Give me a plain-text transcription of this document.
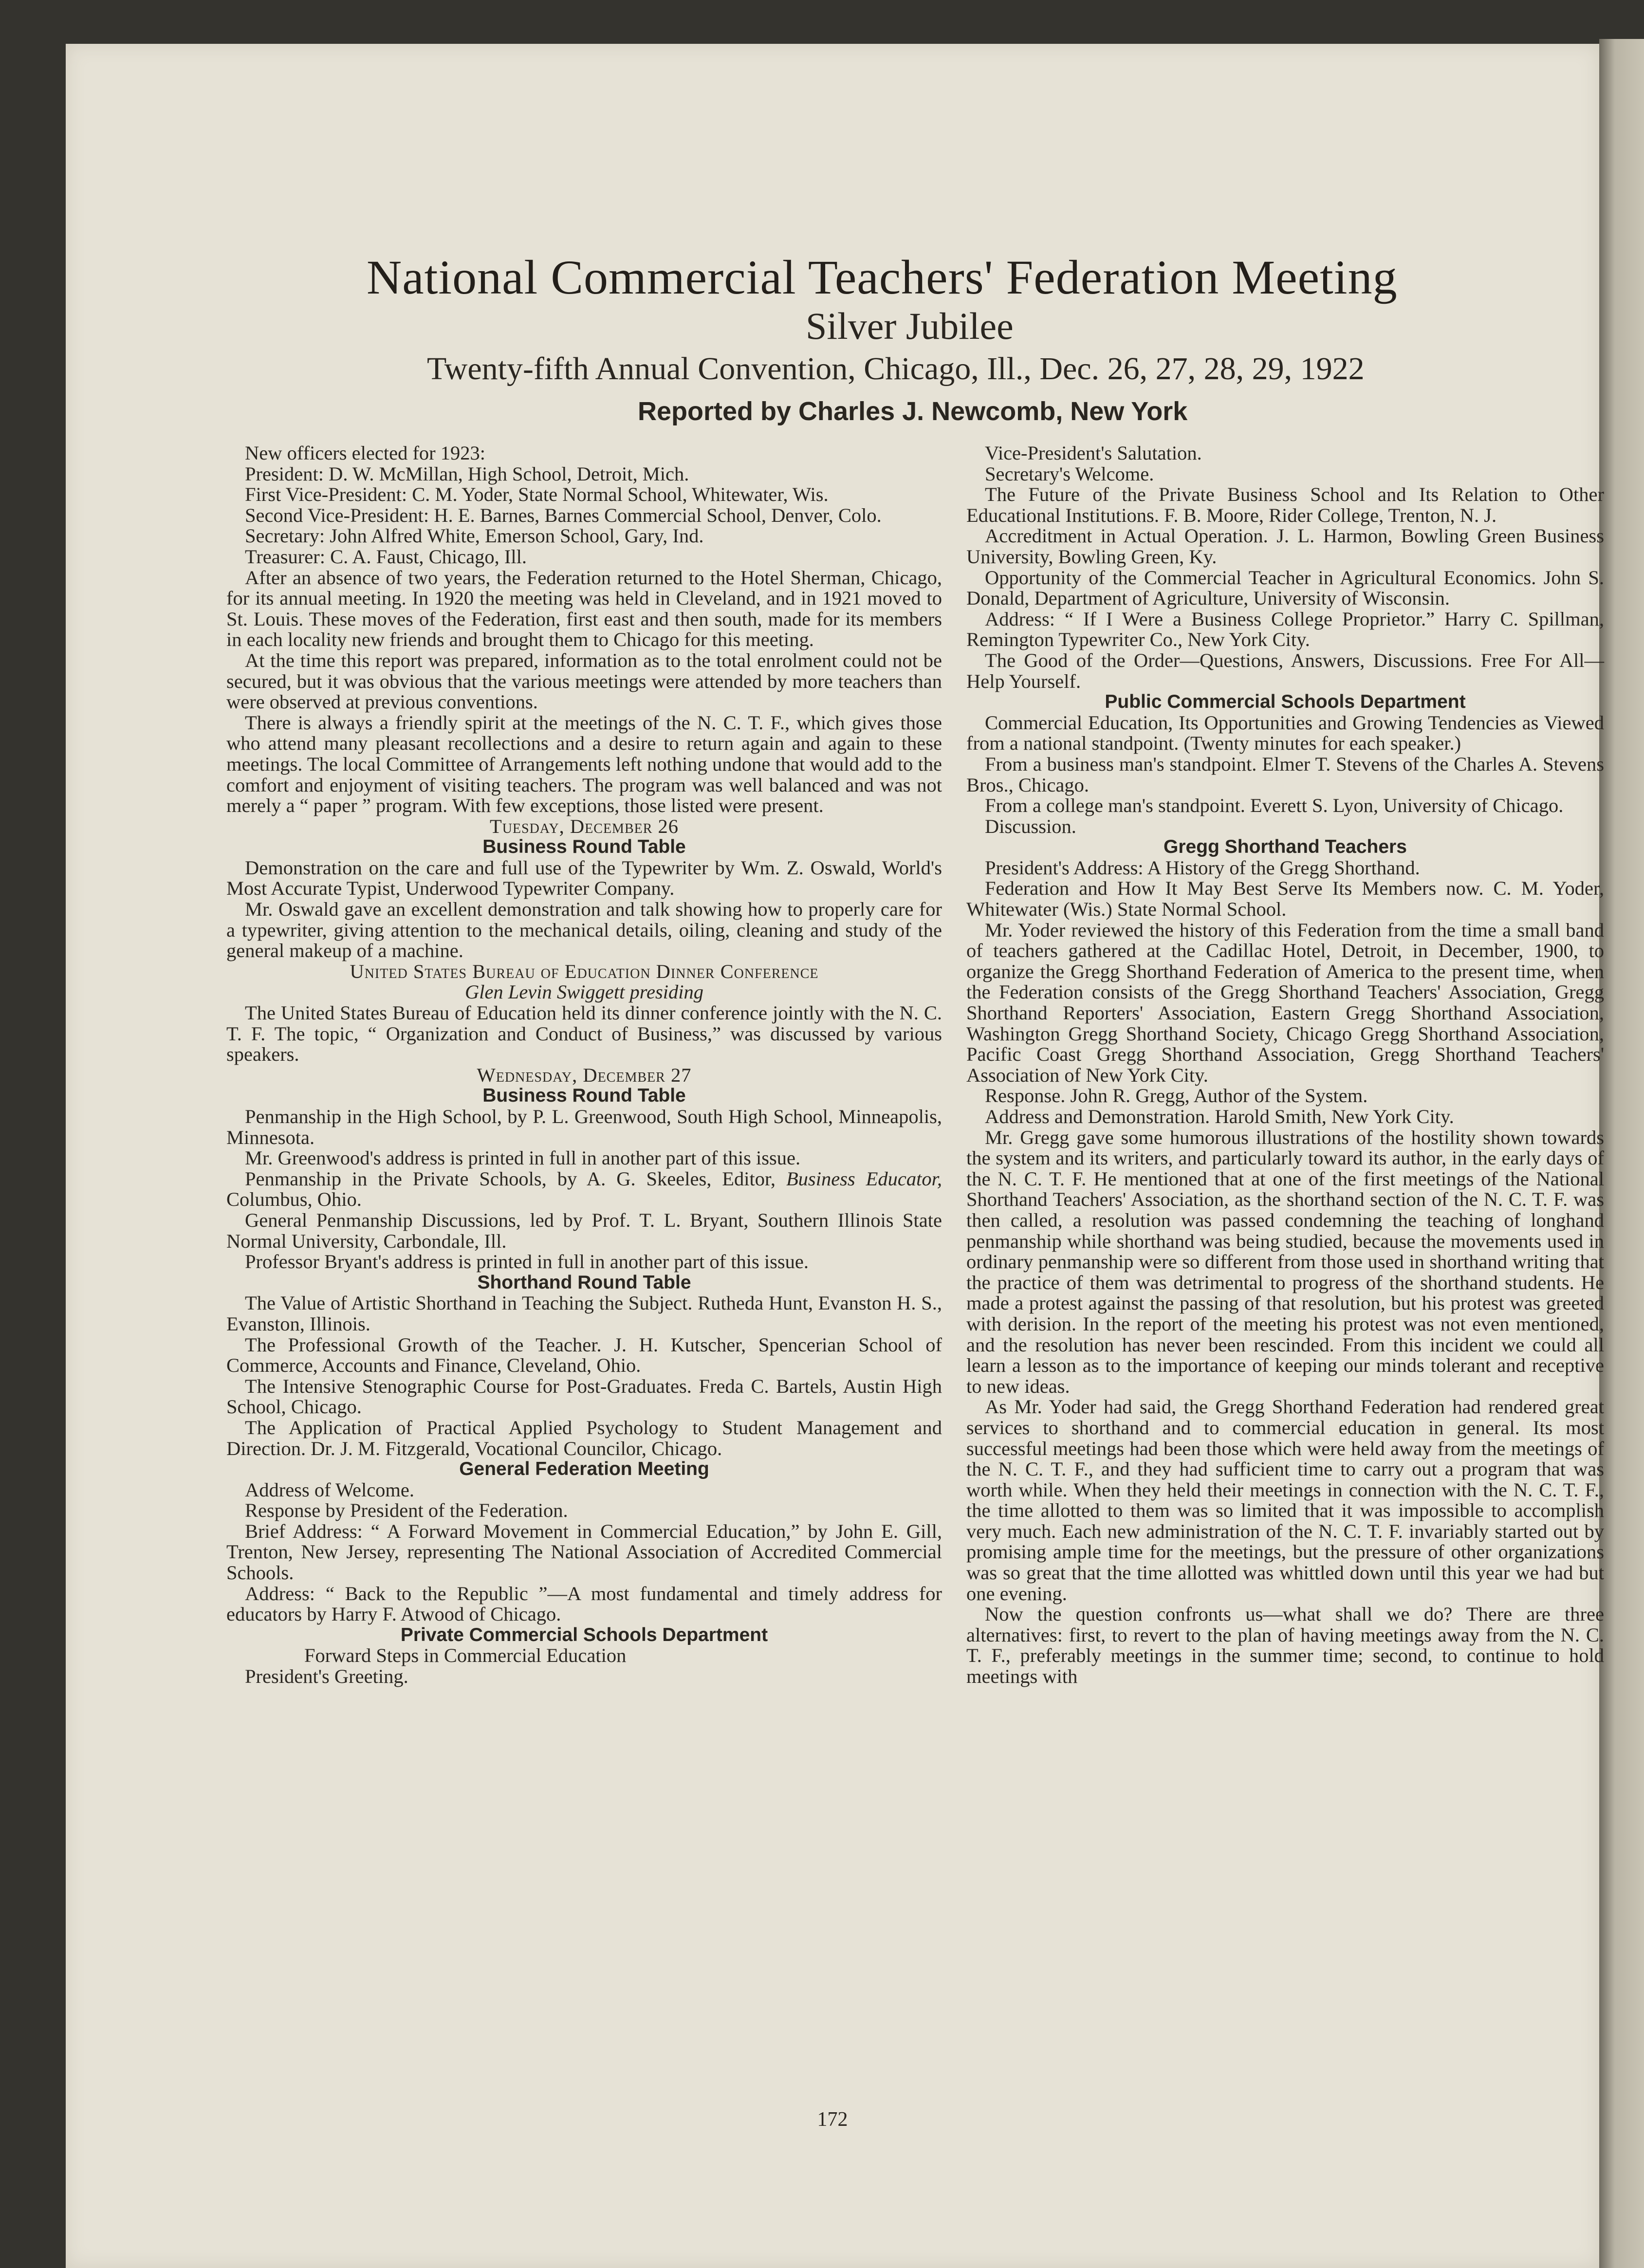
National Commercial Teachers' Federation Meeting
Silver Jubilee
Twenty-fifth Annual Convention, Chicago, Ill., Dec. 26, 27, 28, 29, 1922
Reported by Charles J. Newcomb, New York

New officers elected for 1923:

President: D. W. McMillan, High School, Detroit, Mich.

First Vice-President: C. M. Yoder, State Normal School, Whitewater, Wis.

Second Vice-President: H. E. Barnes, Barnes Commercial School, Denver, Colo.

Secretary: John Alfred White, Emerson School, Gary, Ind.

Treasurer: C. A. Faust, Chicago, Ill.

After an absence of two years, the Federation returned to the Hotel Sherman, Chicago, for its annual meeting. In 1920 the meeting was held in Cleveland, and in 1921 moved to St. Louis. These moves of the Federation, first east and then south, made for its members in each locality new friends and brought them to Chicago for this meeting.

At the time this report was prepared, information as to the total enrolment could not be secured, but it was obvious that the various meetings were attended by more teachers than were observed at previous conventions.

There is always a friendly spirit at the meetings of the N. C. T. F., which gives those who attend many pleasant recollections and a desire to return again and again to these meetings. The local Committee of Arrangements left nothing undone that would add to the comfort and enjoyment of visiting teachers. The program was well balanced and was not merely a “ paper ” program. With few exceptions, those listed were present.

Tuesday, December 26

Business Round Table

Demonstration on the care and full use of the Typewriter by Wm. Z. Oswald, World's Most Accurate Typist, Underwood Typewriter Company.

Mr. Oswald gave an excellent demonstration and talk showing how to properly care for a typewriter, giving attention to the mechanical details, oiling, cleaning and study of the general makeup of a machine.

United States Bureau of Education Dinner Conference

Glen Levin Swiggett presiding

The United States Bureau of Education held its dinner conference jointly with the N. C. T. F. The topic, “ Organization and Conduct of Business,” was discussed by various speakers.

Wednesday, December 27

Business Round Table

Penmanship in the High School, by P. L. Greenwood, South High School, Minneapolis, Minnesota.

Mr. Greenwood's address is printed in full in another part of this issue.

Penmanship in the Private Schools, by A. G. Skeeles, Editor, Business Educator, Columbus, Ohio.

General Penmanship Discussions, led by Prof. T. L. Bryant, Southern Illinois State Normal University, Carbondale, Ill.

Professor Bryant's address is printed in full in another part of this issue.

Shorthand Round Table

The Value of Artistic Shorthand in Teaching the Subject. Rutheda Hunt, Evanston H. S., Evanston, Illinois.

The Professional Growth of the Teacher. J. H. Kutscher, Spencerian School of Commerce, Accounts and Finance, Cleveland, Ohio.

The Intensive Stenographic Course for Post-Graduates. Freda C. Bartels, Austin High School, Chicago.

The Application of Practical Applied Psychology to Student Management and Direction. Dr. J. M. Fitzgerald, Vocational Councilor, Chicago.

General Federation Meeting

Address of Welcome.

Response by President of the Federation.

Brief Address: “ A Forward Movement in Commercial Education,” by John E. Gill, Trenton, New Jersey, representing The National Association of Accredited Commercial Schools.

Address: “ Back to the Republic ”—A most fundamental and timely address for educators by Harry F. Atwood of Chicago.

Private Commercial Schools Department

Forward Steps in Commercial Education

President's Greeting.

Vice-President's Salutation.

Secretary's Welcome.

The Future of the Private Business School and Its Relation to Other Educational Institutions. F. B. Moore, Rider College, Trenton, N. J.

Accreditment in Actual Operation. J. L. Harmon, Bowling Green Business University, Bowling Green, Ky.

Opportunity of the Commercial Teacher in Agricultural Economics. John S. Donald, Department of Agriculture, University of Wisconsin.

Address: “ If I Were a Business College Proprietor.” Harry C. Spillman, Remington Typewriter Co., New York City.

The Good of the Order—Questions, Answers, Discussions. Free For All—Help Yourself.

Public Commercial Schools Department

Commercial Education, Its Opportunities and Growing Tendencies as Viewed from a national standpoint. (Twenty minutes for each speaker.)

From a business man's standpoint. Elmer T. Stevens of the Charles A. Stevens Bros., Chicago.

From a college man's standpoint. Everett S. Lyon, University of Chicago.

Discussion.

Gregg Shorthand Teachers

President's Address: A History of the Gregg Shorthand.

Federation and How It May Best Serve Its Members now. C. M. Yoder, Whitewater (Wis.) State Normal School.

Mr. Yoder reviewed the history of this Federation from the time a small band of teachers gathered at the Cadillac Hotel, Detroit, in December, 1900, to organize the Gregg Shorthand Federation of America to the present time, when the Federation consists of the Gregg Shorthand Teachers' Association, Gregg Shorthand Reporters' Association, Eastern Gregg Shorthand Association, Washington Gregg Shorthand Society, Chicago Gregg Shorthand Association, Pacific Coast Gregg Shorthand Association, Gregg Shorthand Teachers' Association of New York City.

Response. John R. Gregg, Author of the System.

Address and Demonstration. Harold Smith, New York City.

Mr. Gregg gave some humorous illustrations of the hostility shown towards the system and its writers, and particularly toward its author, in the early days of the N. C. T. F. He mentioned that at one of the first meetings of the National Shorthand Teachers' Association, as the shorthand section of the N. C. T. F. was then called, a resolution was passed condemning the teaching of longhand penmanship while shorthand was being studied, because the movements used in ordinary penmanship were so different from those used in shorthand writing that the practice of them was detrimental to progress of the shorthand students. He made a protest against the passing of that resolution, but his protest was greeted with derision. In the report of the meeting his protest was not even mentioned, and the resolution has never been rescinded. From this incident we could all learn a lesson as to the importance of keeping our minds tolerant and receptive to new ideas.

As Mr. Yoder had said, the Gregg Shorthand Federation had rendered great services to shorthand and to commercial education in general. Its most successful meetings had been those which were held away from the meetings of the N. C. T. F., and they had sufficient time to carry out a program that was worth while. When they held their meetings in connection with the N. C. T. F., the time allotted to them was so limited that it was impossible to accomplish very much. Each new administration of the N. C. T. F. invariably started out by promising ample time for the meetings, but the pressure of other organizations was so great that the time allotted was whittled down until this year we had but one evening.

Now the question confronts us—what shall we do? There are three alternatives: first, to revert to the plan of having meetings away from the N. C. T. F., preferably meetings in the summer time; second, to continue to hold meetings with

172
